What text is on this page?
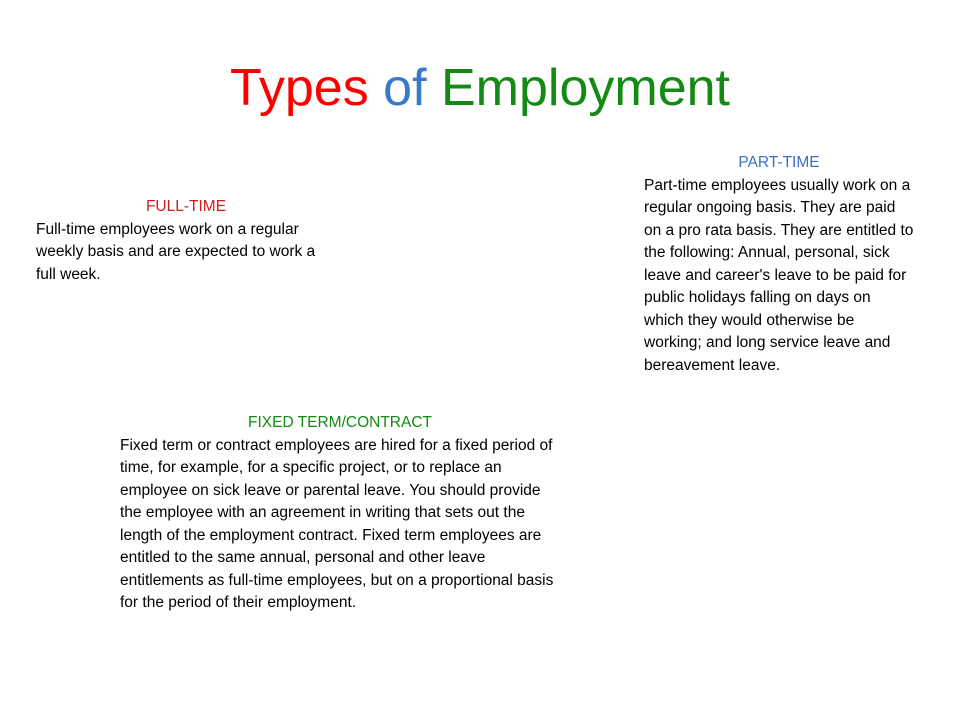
Types of Employment
FULL-TIME
Full-time employees work on a regular weekly basis and are expected to work a full week.
PART-TIME
Part-time employees usually work on a regular ongoing basis. They are paid on a pro rata basis. They are entitled to the following: Annual, personal, sick leave and career's leave to be paid for public holidays falling on days on which they would otherwise be working; and long service leave and bereavement leave.
FIXED TERM/CONTRACT
Fixed term or contract employees are hired for a fixed period of time, for example, for a specific project, or to replace an employee on sick leave or parental leave. You should provide the employee with an agreement in writing that sets out the length of the employment contract. Fixed term employees are entitled to the same annual, personal and other leave entitlements as full-time employees, but on a proportional basis for the period of their employment.
